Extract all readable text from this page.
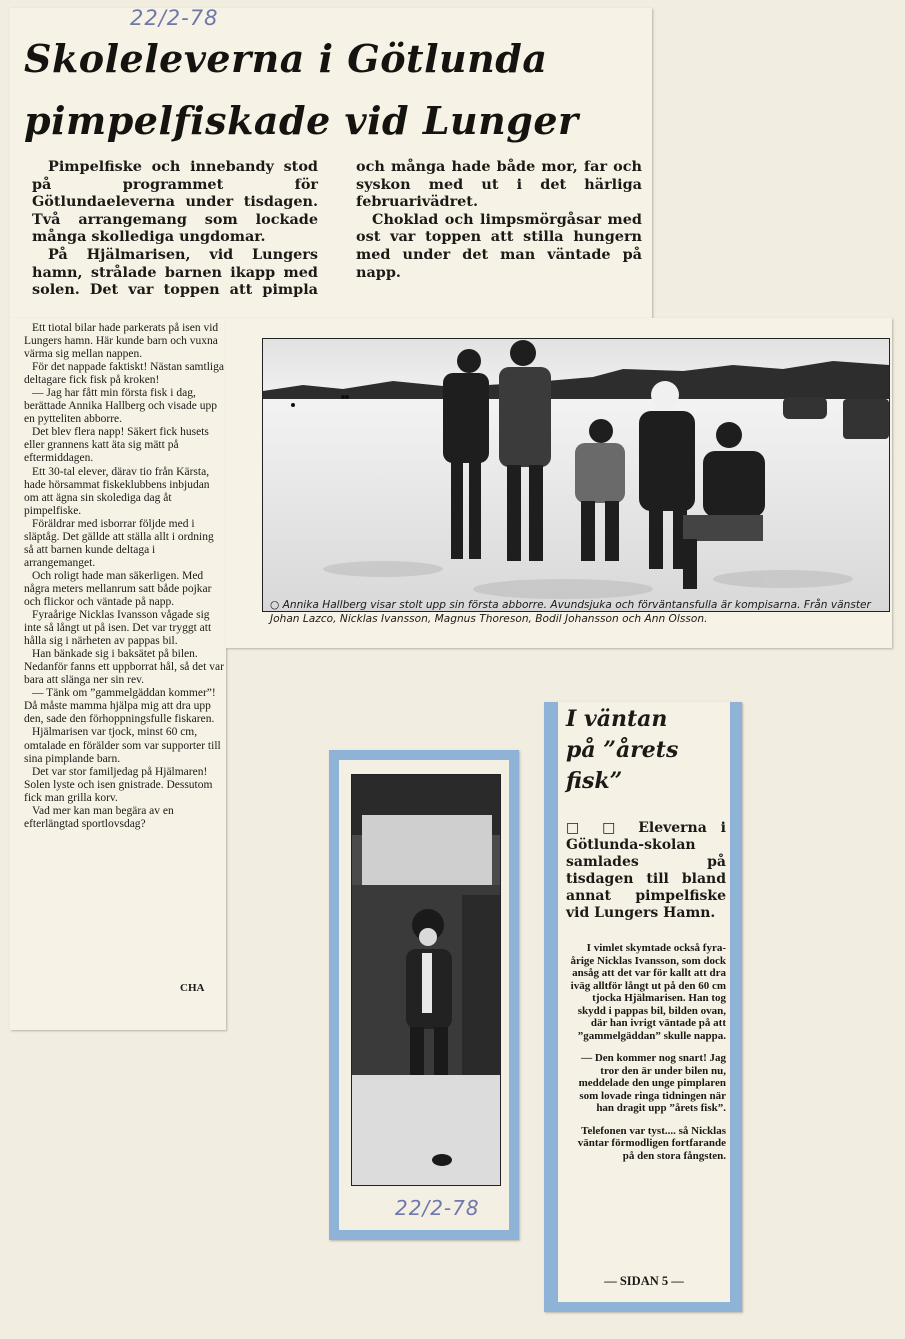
Skoleleverna i Götlunda
pimpelfiskade vid Lunger

Pimpelfiske och innebandy stod på programmet för Götlundaeleverna under tisdagen. Två arrangemang som lockade många skollediga ungdomar.

På Hjälmarisen, vid Lungers hamn, strålade barnen ikapp med solen. Det var toppen att pimpla och många hade både mor, far och syskon med ut i det härliga februarivädret.

Choklad och limpsmörgåsar med ost var toppen att stilla hungern med under det man väntade på napp.

22/2-78

Ett tiotal bilar hade parkerats på isen vid Lungers hamn. Här kunde barn och vuxna värma sig mellan nappen.

För det nappade faktiskt! Nästan samtliga deltagare fick fisk på kroken!

— Jag har fått min första fisk i dag, berättade Annika Hallberg och visade upp en pytteliten abborre.

Det blev flera napp! Säkert fick husets eller grannens katt äta sig mätt på eftermiddagen.

Ett 30-tal elever, därav tio från Kärsta, hade hörsammat fiskeklubbens inbjudan om att ägna sin skolediga dag åt pimpelfiske.

Föräldrar med isborrar följde med i släptåg. Det gällde att ställa allt i ordning så att barnen kunde deltaga i arrangemanget.

Och roligt hade man säkerligen. Med några meters mellanrum satt både pojkar och flickor och väntade på napp.

Fyraårige Nicklas Ivansson vågade sig inte så långt ut på isen. Det var tryggt att hålla sig i närheten av pappas bil.

Han bänkade sig i baksätet på bilen. Nedanför fanns ett uppborrat hål, så det var bara att slänga ner sin rev.

— Tänk om ”gammelgäddan kommer”! Då måste mamma hjälpa mig att dra upp den, sade den förhoppningsfulle fiskaren.

Hjälmarisen var tjock, minst 60 cm, omtalade en förälder som var supporter till sina pimplande barn.

Det var stor familjedag på Hjälmaren! Solen lyste och isen gnistrade. Dessutom fick man grilla korv.

Vad mer kan man begära av en efterlängtad sportlovsdag?

CHA
○ Annika Hallberg visar stolt upp sin första abborre. Avundsjuka och förväntansfulla är kompisarna. Från vänster Johan Lazco, Nicklas Ivansson, Magnus Thoreson, Bodil Johansson och Ann Olsson.
22/2-78
I väntan
på ”årets
fisk”
□ □ Eleverna i Götlunda-skolan samlades på tisdagen till bland annat pimpelfiske vid Lungers Hamn.

I vimlet skymtade också fyra-årige Nicklas Ivansson, som dock ansåg att det var för kallt att dra iväg alltför långt ut på den 60 cm tjocka Hjälmarisen. Han tog skydd i pappas bil, bilden ovan, där han ivrigt väntade på att ”gammelgäddan” skulle nappa.

— Den kommer nog snart! Jag tror den är under bilen nu, meddelade den unge pimplaren som lovade ringa tidningen när han dragit upp ”årets fisk”.

Telefonen var tyst.... så Nicklas väntar förmodligen fortfarande på den stora fångsten.

— SIDAN 5 —
